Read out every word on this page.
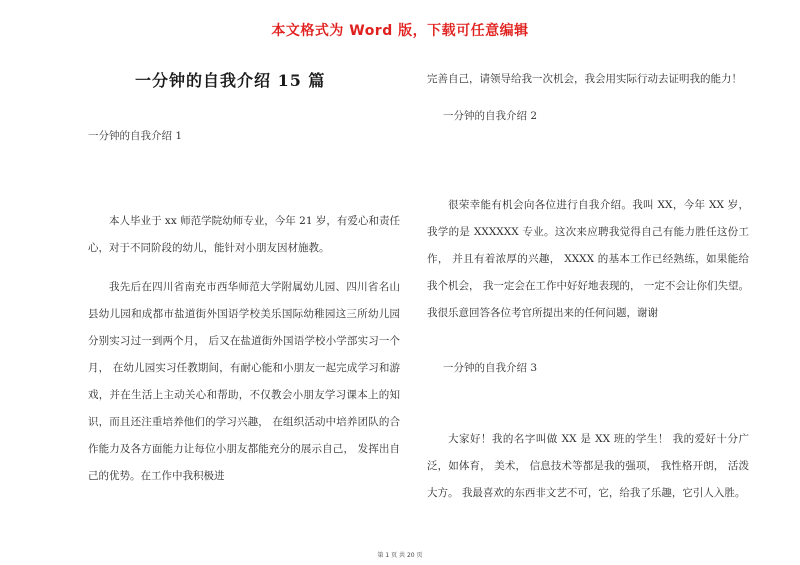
本文格式为 Word 版，下载可任意编辑
一分钟的自我介绍 15 篇
一分钟的自我介绍 1

本人毕业于 xx 师范学院幼师专业，今年 21 岁，有爱心和责任心，对于不同阶段的幼儿，能针对小朋友因材施教。

我先后在四川省南充市西华师范大学附属幼儿园、四川省名山县幼儿园和成都市盐道街外国语学校美乐国际幼稚园这三所幼儿园分别实习过一到两个月， 后又在盐道街外国语学校小学部实习一个月， 在幼儿园实习任教期间，有耐心能和小朋友一起完成学习和游戏，并在生活上主动关心和帮助，不仅教会小朋友学习课本上的知识，而且还注重培养他们的学习兴趣， 在组织活动中培养团队的合作能力及各方面能力让每位小朋友都能充分的展示自己， 发挥出自己的优势。在工作中我积极进

完善自己，请领导给我一次机会，我会用实际行动去证明我的能力！

一分钟的自我介绍 2

很荣幸能有机会向各位进行自我介绍。我叫 XX，今年 XX 岁， 我学的是 XXXXXX 专业。这次来应聘我觉得自己有能力胜任这份工作， 并且有着浓厚的兴趣， XXXX 的基本工作已经熟练，如果能给我个机会， 我一定会在工作中好好地表现的， 一定不会让你们失望。我很乐意回答各位考官所提出来的任何问题，谢谢

一分钟的自我介绍 3

大家好！我的名字叫做 XX 是 XX 班的学生！ 我的爱好十分广泛，如体育， 美术， 信息技术等都是我的强项， 我性格开朗， 活泼大方。 我最喜欢的东西非文艺不可，它，给我了乐趣，它引人入胜。

第 1 页 共 20 页
